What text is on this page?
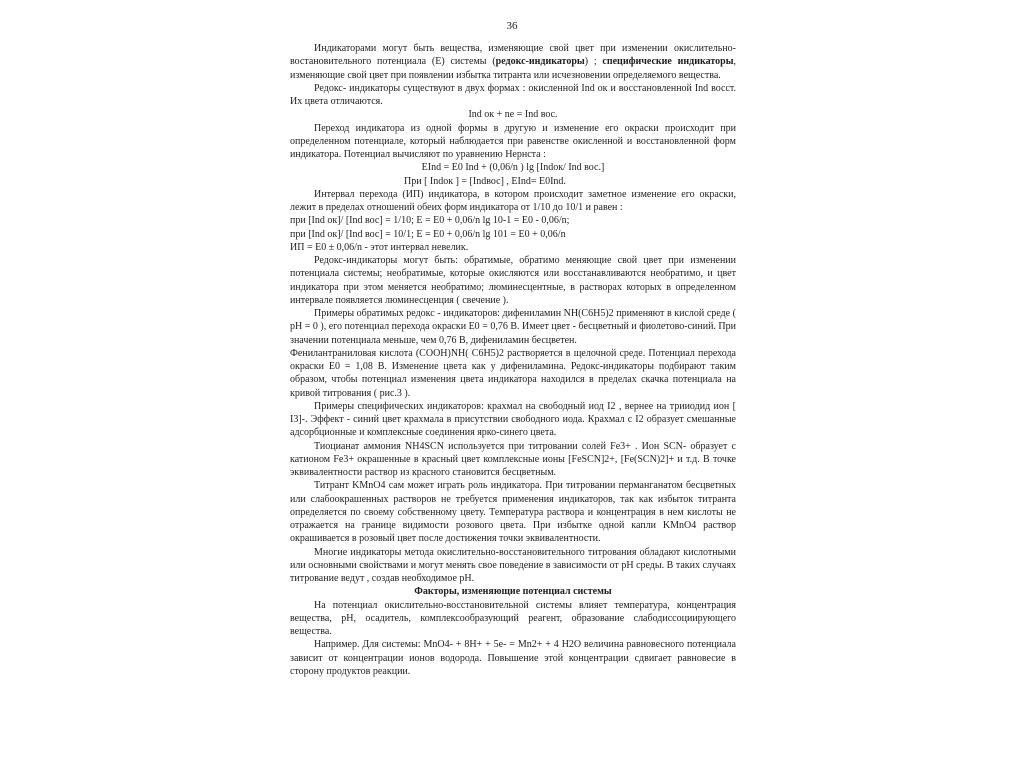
36
Индикаторами могут быть вещества, изменяющие свой цвет при изменении окислительно-востановительного потенциала (E) системы (редокс-индикаторы) ; специфические индикаторы, изменяющие свой цвет при появлении избытка титранта или исчезновении определяемого вещества.
Редокс- индикаторы существуют в двух формах : окисленной Ind ок и восстановленной Ind восст. Их цвета отличаются.
Ind ок + ne = Ind вос.
Переход индикатора из одной формы в другую и изменение его окраски происходит при определенном потенциале, который наблюдается при равенстве окисленной и восстановленной форм индикатора. Потенциал вычисляют по уравнению Нернста :
EInd = E0 Ind + (0,06/n ) lg [Indок/ Ind вос.]
При [ Indок ] = [Indвос] , EInd= E0Ind.
Интервал перехода (ИП) индикатора, в котором происходит заметное изменение его окраски, лежит в пределах отношений обеих форм индикатора от 1/10 до 10/1 и равен :
при [Ind ок]/ [Ind вос] = 1/10; E = E0 + 0,06/n lg 10-1 = E0 - 0,06/n;
при [Ind ок]/ [Ind вос] = 10/1; E = E0 + 0,06/n lg 101 = E0 + 0,06/n
ИП = E0 ± 0,06/n - этот интервал невелик.
Редокс-индикаторы могут быть: обратимые, обратимо меняющие свой цвет при изменении потенциала системы; необратимые, которые окисляются или восстанавливаются необратимо, и цвет индикатора при этом меняется необратимо; люминесцентные, в растворах которых в определенном интервале появляется люминесценция ( свечение ).
Примеры обратимых редокс - индикаторов: дифениламин NH(C6H5)2 применяют в кислой среде ( pH = 0 ), его потенциал перехода окраски E0 = 0,76 В. Имеет цвет - бесцветный и фиолетово-синий. При значении потенциала меньше, чем 0,76 В, дифениламин бесцветен.
Фенилантраниловая кислота (COOH)NH( C6H5)2 растворяется в щелочной среде. Потенциал перехода окраски E0 = 1,08 В. Изменение цвета как у дифениламина. Редокс-индикаторы подбирают таким образом, чтобы потенциал изменения цвета индикатора находился в пределах скачка потенциала на кривой титрования ( рис.3 ).
Примеры специфических индикаторов: крахмал на свободный иод I2 , вернее на трииодид ион [ I3]-. Эффект - синий цвет крахмала в присутствии свободного иода. Крахмал с I2 образует смешанные адсорбционные и комплексные соединения ярко-синего цвета.
Тиоцианат аммония NH4SCN используется при титровании солей Fe3+ . Ион SCN- образует с катионом Fe3+ окрашенные в красный цвет комплексные ионы [FeSCN]2+, [Fe(SCN)2]+ и т.д. В точке эквивалентности раствор из красного становится бесцветным.
Титрант KMnO4 сам может играть роль индикатора. При титровании перманганатом бесцветных или слабоокрашенных растворов не требуется применения индикаторов, так как избыток титранта определяется по своему собственному цвету. Температура раствора и концентрация в нем кислоты не отражается на границе видимости розового цвета. При избытке одной капли KMnO4 раствор окрашивается в розовый цвет после достижения точки эквивалентности.
Многие индикаторы метода окислительно-восстановительного титрования обладают кислотными или основными свойствами и могут менять свое поведение в зависимости от pH среды. В таких случаях титрование ведут , создав необходимое pH.
Факторы, изменяющие потенциал системы
На потенциал окислительно-восстановительной системы влияет температура, концентрация вещества, pH, осадитель, комплексообразующий реагент, образование слабодиссоциирующего вещества.
Например. Для системы: MnO4- + 8H+ + 5e- = Mn2+ + 4 H2O величина равновесного потенциала зависит от концентрации ионов водорода. Повышение этой концентрации сдвигает равновесие в сторону продуктов реакции.
